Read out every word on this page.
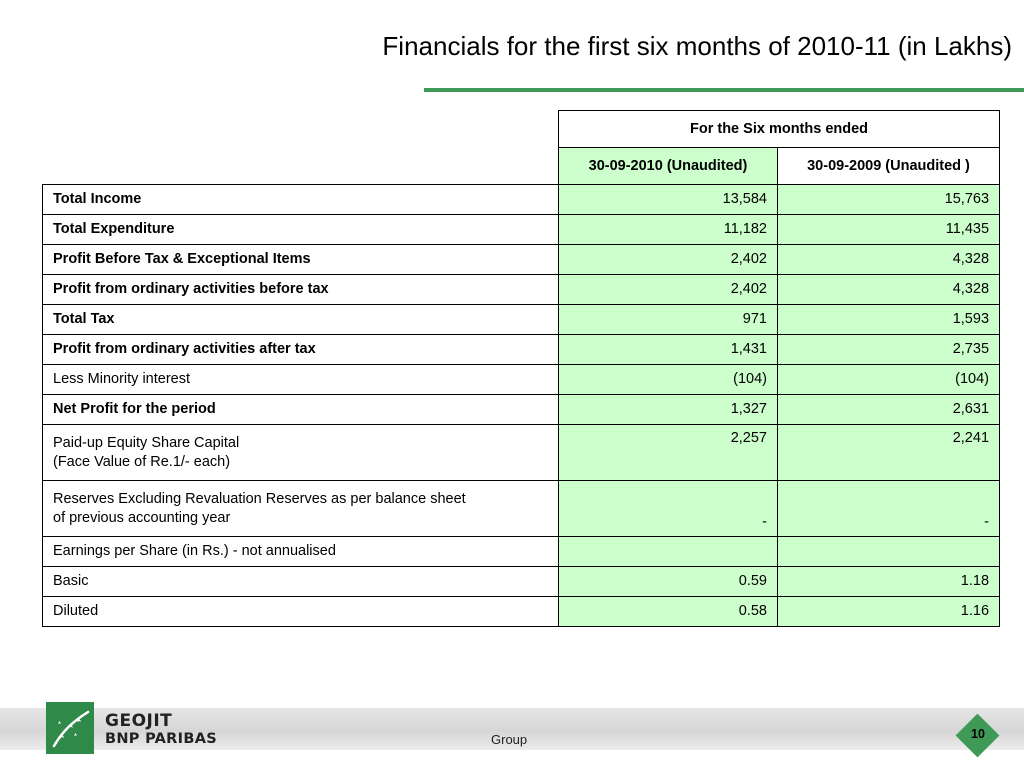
Financials for the first six months of 2010-11 (in Lakhs)
	For the Six months ended	
	30-09-2010 (Unaudited)	30-09-2009 (Unaudited )
Total Income	13,584	15,763
Total Expenditure	11,182	11,435
Profit Before Tax & Exceptional Items	2,402	4,328
Profit from ordinary activities before tax	2,402	4,328
Total Tax	971	1,593
Profit from ordinary activities after tax	1,431	2,735
Less Minority interest	(104)	(104)
Net Profit for the period	1,327	2,631

Paid-up Equity Share Capital
(Face Value of Re.1/- each)	2,257	2,241

Reserves Excluding Revaluation Reserves as per balance sheet
of previous accounting year	-	-
Earnings per Share (in Rs.) - not annualised		
Basic	0.59	1.18
Diluted	0.58	1.16
GEOJIT
BNP PARIBAS	Group	10
